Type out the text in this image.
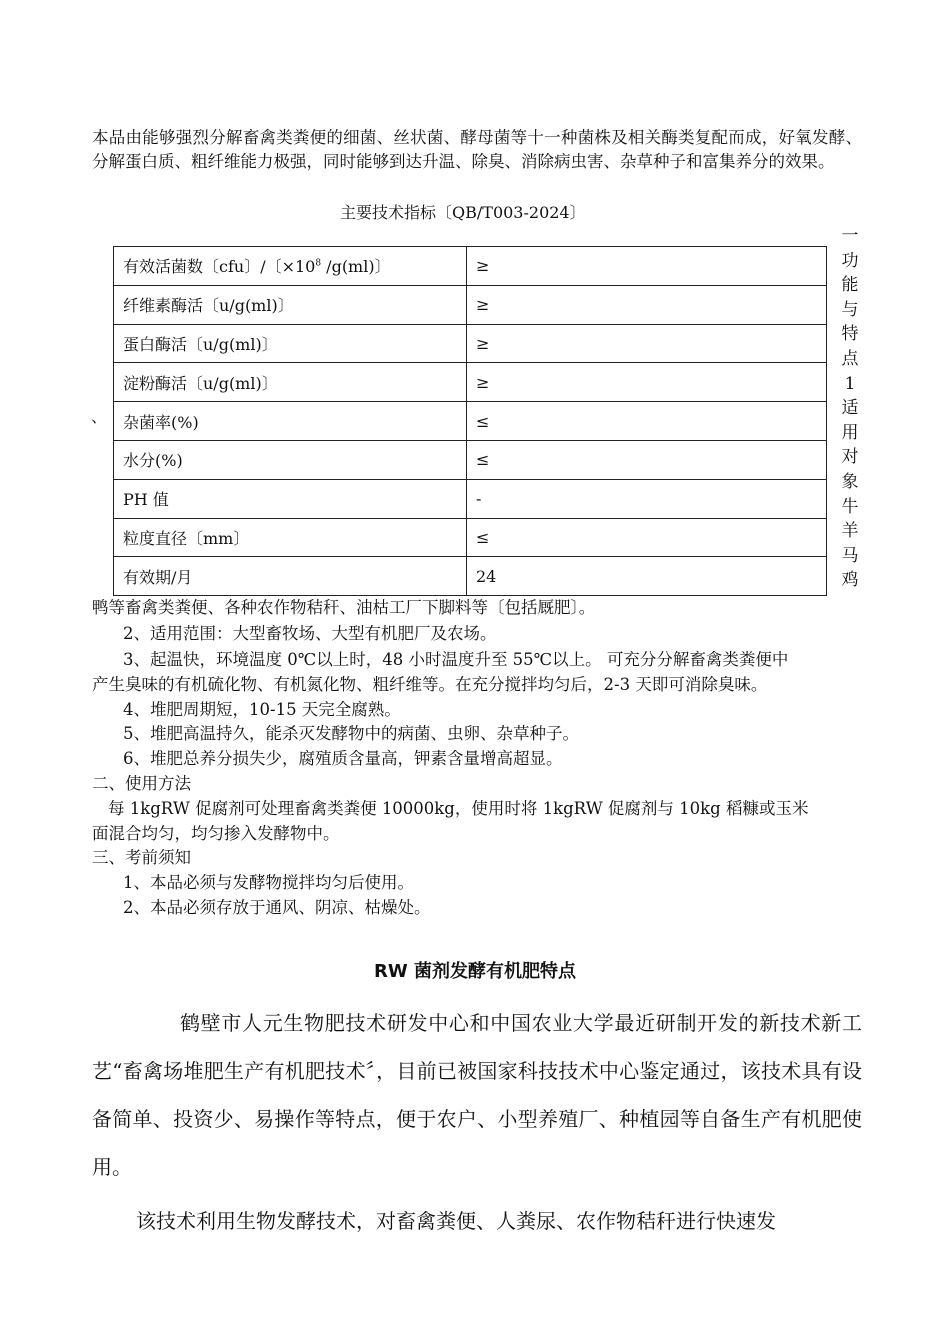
本品由能够强烈分解畜禽类粪便的细菌、丝状菌、酵母菌等十一种菌株及相关酶类复配而成，好氧发酵、分解蛋白质、粗纤维能力极强，同时能够到达升温、除臭、消除病虫害、杂草种子和富集养分的效果。
主要技术指标〔QB/T003-2024〕
、
有效活菌数〔cfu〕/〔$\times 10^8$ /g(ml)〕	≥
纤维素酶活〔u/g(ml)〕	≥
蛋白酶活〔u/g(ml)〕	≥
淀粉酶活〔u/g(ml)〕	≥
杂菌率(%)	≤
水分(%)	≤
PH 值	-
粒度直径〔mm〕	≤
有效期/月	24
一
功
能
与
特
点
1
适
用
对
象
牛
羊
马
鸡
鸭等畜禽类粪便、各种农作物秸秆、油枯工厂下脚料等〔包括厩肥〕。
2、适用范围：大型畜牧场、大型有机肥厂及农场。
3、起温快，环境温度 0℃以上时，48 小时温度升至 55℃以上。 可充分分解畜禽类粪便中
产生臭味的有机硫化物、有机氮化物、粗纤维等。在充分搅拌均匀后，2-3 天即可消除臭味。
4、堆肥周期短，10-15 天完全腐熟。
5、堆肥高温持久，能杀灭发酵物中的病菌、虫卵、杂草种子。
6、堆肥总养分损失少，腐殖质含量高，钾素含量增高超显。
二、使用方法
每 1kgRW 促腐剂可处理畜禽类粪便 10000kg，使用时将 1kgRW 促腐剂与 10kg 稻糠或玉米
面混合均匀，均匀掺入发酵物中。
三、考前须知
1、本品必须与发酵物搅拌均匀后使用。
2、本品必须存放于通风、阴凉、枯燥处。
RW 菌剂发酵有机肥特点
鹤壁市人元生物肥技术研发中心和中国农业大学最近研制开发的新技术新工艺“畜禽场堆肥生产有机肥技术〞，目前已被国家科技技术中心鉴定通过，该技术具有设备简单、投资少、易操作等特点，便于农户、小型养殖厂、种植园等自备生产有机肥使用。
该技术利用生物发酵技术，对畜禽粪便、人粪尿、农作物秸秆进行快速发
